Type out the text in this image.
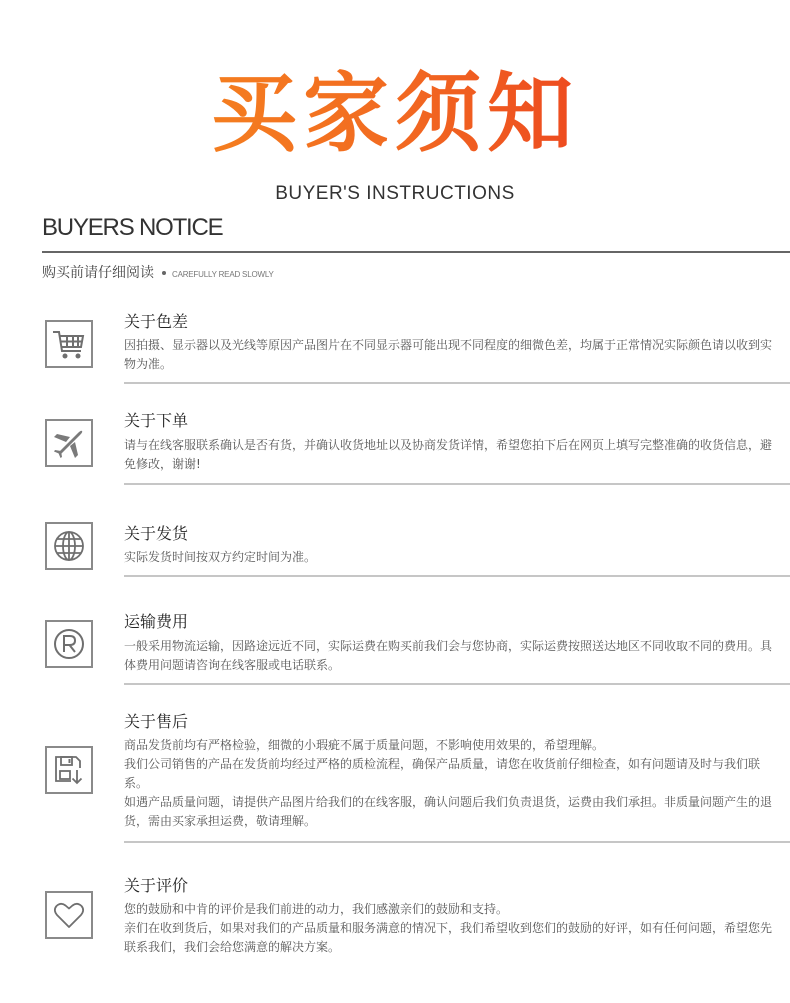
买家须知
BUYER'S INSTRUCTIONS
BUYERS NOTICE
购买前请仔细阅读 CAREFULLY READ SLOWLY
关于色差

因拍摄、显示器以及光线等原因产品图片在不同显示器可能出现不同程度的细微色差，均属于正常情况实际颜色请以收到实物为准。

关于下单

请与在线客服联系确认是否有货，并确认收货地址以及协商发货详情，希望您拍下后在网页上填写完整准确的收货信息，避免修改，谢谢!

关于发货

实际发货时间按双方约定时间为准。

运输费用

一般采用物流运输，因路途远近不同，实际运费在购买前我们会与您协商，实际运费按照送达地区不同收取不同的费用。具体费用问题请咨询在线客服或电话联系。

关于售后

商品发货前均有严格检验，细微的小瑕疵不属于质量问题，不影响使用效果的，希望理解。

我们公司销售的产品在发货前均经过严格的质检流程，确保产品质量，请您在收货前仔细检查，如有问题请及时与我们联系。

如遇产品质量问题，请提供产品图片给我们的在线客服，确认问题后我们负责退货，运费由我们承担。非质量问题产生的退货，需由买家承担运费，敬请理解。

关于评价

您的鼓励和中肯的评价是我们前进的动力，我们感激亲们的鼓励和支持。

亲们在收到货后，如果对我们的产品质量和服务满意的情况下，我们希望收到您们的鼓励的好评，如有任何问题，希望您先联系我们，我们会给您满意的解决方案。
